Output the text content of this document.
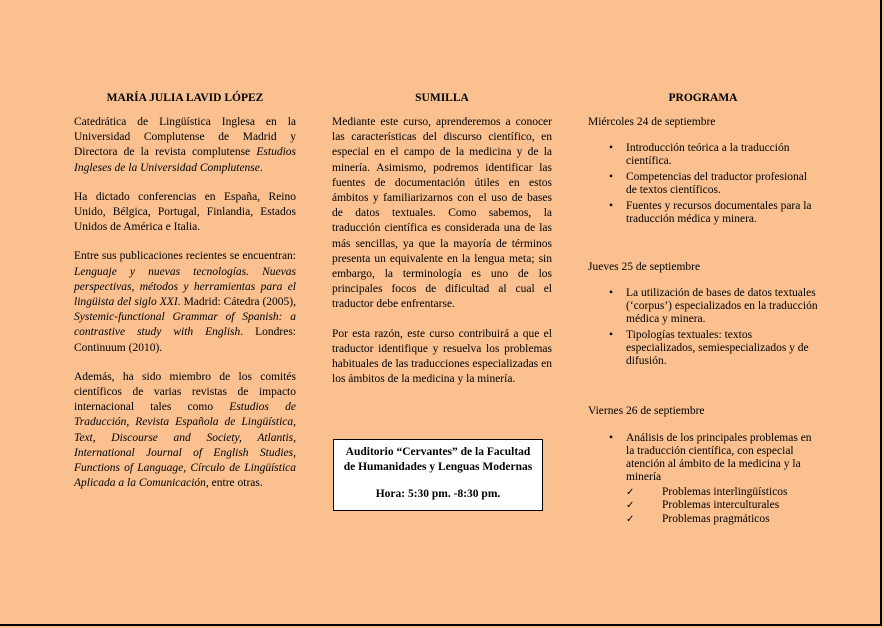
MARÍA JULIA LAVID LÓPEZ

Catedrática de Lingüística Inglesa en la Universidad Complutense de Madrid y Directora de la revista complutense Estudios Ingleses de la Universidad Complutense.

Ha dictado conferencias en España, Reino Unido, Bélgica, Portugal, Finlandia, Estados Unidos de América e Italia.

Entre sus publicaciones recientes se encuentran: Lenguaje y nuevas tecnologías. Nuevas perspectivas, métodos y herramientas para el lingüista del siglo XXI. Madrid: Cátedra (2005), Systemic-functional Grammar of Spanish: a contrastive study with English. Londres: Continuum (2010).

Además, ha sido miembro de los comités científicos de varias revistas de impacto internacional tales como Estudios de Traducción, Revista Española de Lingüística, Text, Discourse and Society, Atlantis, International Journal of English Studies, Functions of Language, Círculo de Lingüística Aplicada a la Comunicación, entre otras.

SUMILLA

Mediante este curso, aprenderemos a conocer las características del discurso científico, en especial en el campo de la medicina y de la minería. Asimismo, podremos identificar las fuentes de documentación útiles en estos ámbitos y familiarizarnos con el uso de bases de datos textuales. Como sabemos, la traducción científica es considerada una de las más sencillas, ya que la mayoría de términos presenta un equivalente en la lengua meta; sin embargo, la terminología es uno de los principales focos de dificultad al cual el traductor debe enfrentarse.

Por esta razón, este curso contribuirá a que el traductor identifique y resuelva los problemas habituales de las traducciones especializadas en los ámbitos de la medicina y la minería.

Auditorio “Cervantes” de la Facultad
de Humanidades y Lenguas Modernas
Hora: 5:30 pm. -8:30 pm.
PROGRAMA
Miércoles 24 de septiembre
• Introducción teórica a la traducción científica.
• Competencias del traductor profesional de textos científicos.
• Fuentes y recursos documentales para la traducción médica y minera.
Jueves 25 de septiembre
• La utilización de bases de datos textuales (‘corpus’) especializados en la traducción médica y minera.
• Tipologías textuales: textos especializados, semiespecializados y de difusión.
Viernes 26 de septiembre
• Análisis de los principales problemas en la traducción científica, con especial atención al ámbito de la medicina y la minería
✓ Problemas interlingüísticos
✓ Problemas interculturales
✓ Problemas pragmáticos
